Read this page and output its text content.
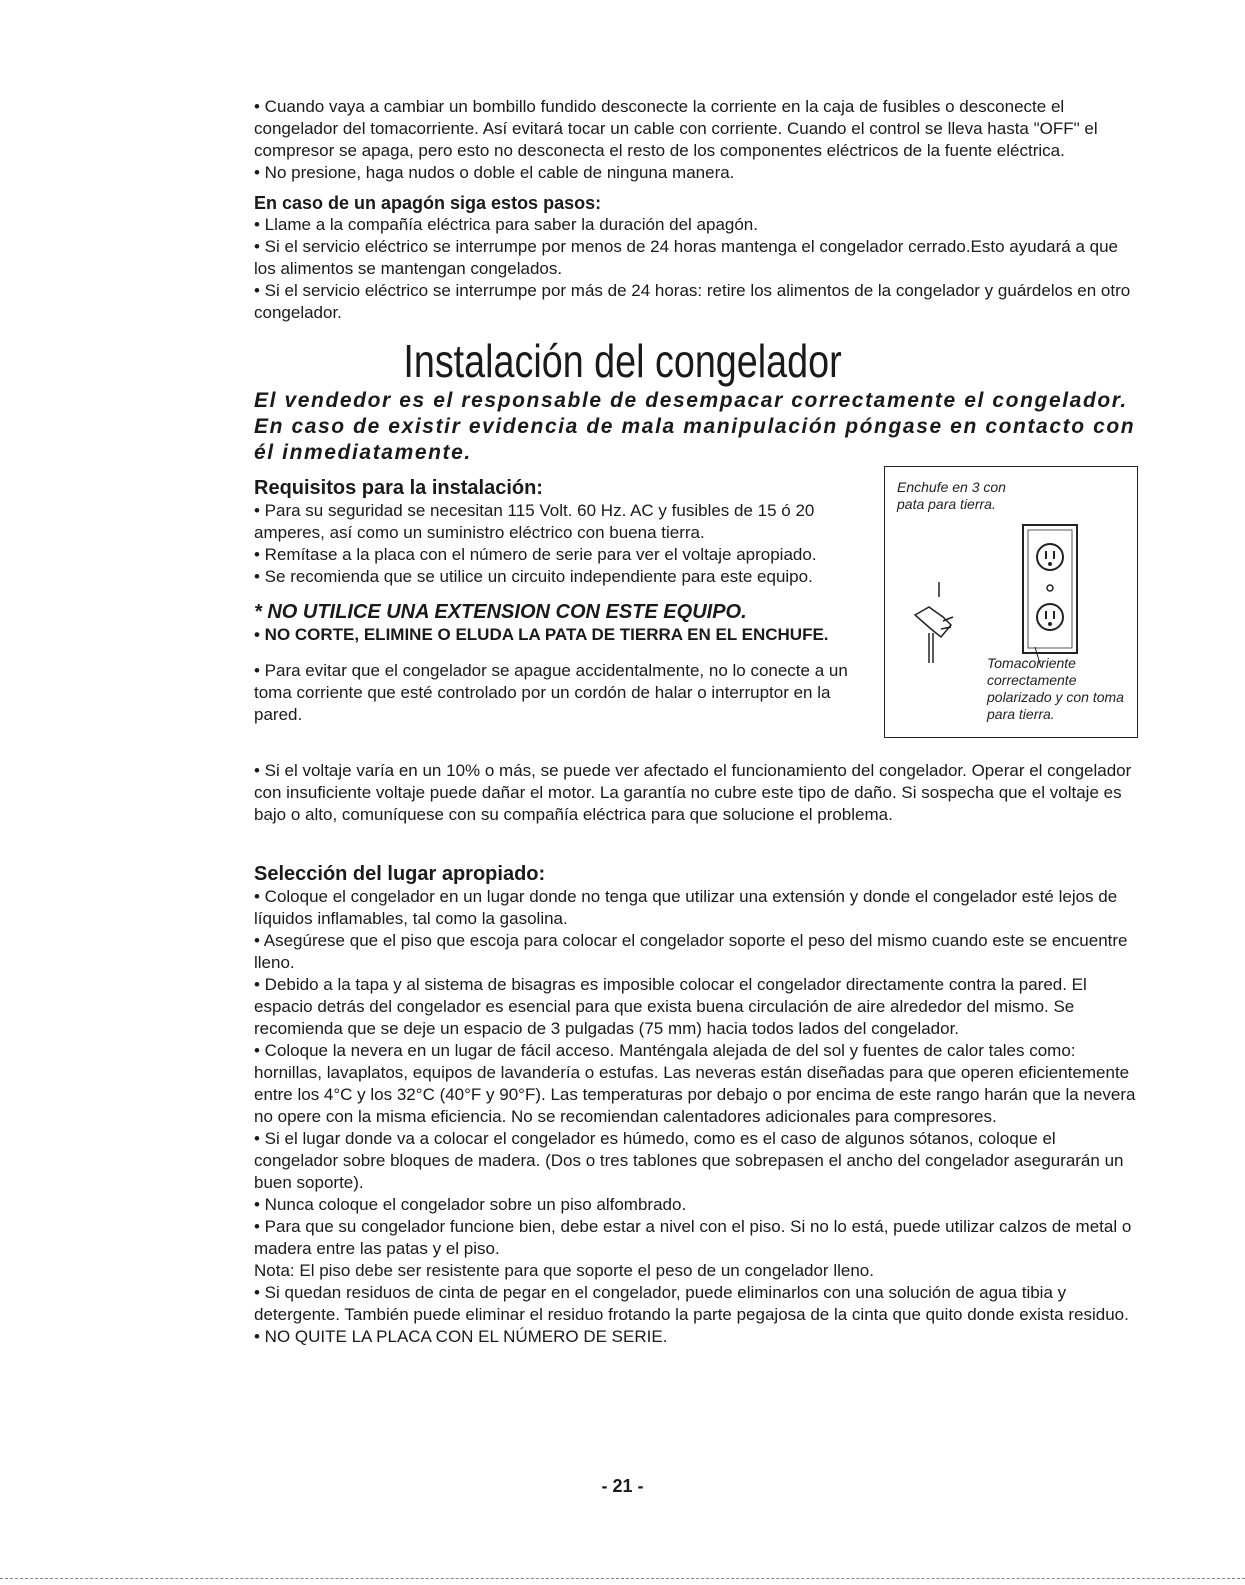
• Cuando vaya a cambiar un bombillo fundido desconecte la corriente en la caja de fusibles o desconecte el congelador del tomacorriente. Así evitará tocar un cable con corriente. Cuando el control se lleva hasta "OFF" el compresor se apaga, pero esto no desconecta el resto de los componentes eléctricos de la fuente eléctrica.

• No presione, haga nudos o doble el cable de ninguna manera.

En caso de un apagón siga estos pasos:

• Llame a la compañía eléctrica para saber la duración del apagón.

• Si el servicio eléctrico se interrumpe por menos de 24 horas mantenga el congelador cerrado.Esto ayudará a que los alimentos se mantengan congelados.

• Si el servicio eléctrico se interrumpe por más de 24 horas: retire los alimentos de la congelador y guárdelos en otro congelador.

Instalación del congelador

El vendedor es el responsable de desempacar correctamente el congelador. En caso de existir evidencia de mala manipulación póngase en contacto con él inmediatamente.

Requisitos para la instalación:

• Para su seguridad se necesitan 115 Volt. 60 Hz. AC y fusibles de 15 ó 20 amperes, así como un suministro eléctrico con buena tierra.

• Remítase a la placa con el número de serie para ver el voltaje apropiado.

• Se recomienda que se utilice un circuito independiente para este equipo.

* NO UTILICE UNA EXTENSION CON ESTE EQUIPO.

• NO CORTE, ELIMINE O ELUDA LA PATA DE TIERRA EN EL ENCHUFE.

• Para evitar que el congelador se apague accidentalmente, no lo conecte a un toma corriente que esté controlado por un cordón de halar o interruptor en la pared.

• Si el voltaje varía en un 10% o más, se puede ver afectado el funcionamiento del congelador. Operar el congelador con insuficiente voltaje puede dañar el motor. La garantía no cubre este tipo de daño. Si sospecha que el voltaje es bajo o alto, comuníquese con su compañía eléctrica para que solucione el problema.

Enchufe en 3 con pata para tierra.
Tomacorriente correctamente polarizado y con toma para tierra.

Selección del lugar apropiado:

• Coloque el congelador en un lugar donde no tenga que utilizar una extensión y donde el congelador esté lejos de líquidos inflamables, tal como la gasolina.

• Asegúrese que el piso que escoja para colocar el congelador soporte el peso del mismo cuando este se encuentre lleno.

• Debido a la tapa y al sistema de bisagras es imposible colocar el congelador directamente contra la pared. El espacio detrás del congelador es esencial para que exista buena circulación de aire alrededor del mismo. Se recomienda que se deje un espacio de 3 pulgadas (75 mm) hacia todos lados del congelador.

• Coloque la nevera en un lugar de fácil acceso. Manténgala alejada de del sol y fuentes de calor tales como: hornillas, lavaplatos, equipos de lavandería o estufas. Las neveras están diseñadas para que operen eficientemente entre los 4°C y los 32°C (40°F y 90°F). Las temperaturas por debajo o por encima de este rango harán que la nevera no opere con la misma eficiencia. No se recomiendan calentadores adicionales para compresores.

• Si el lugar donde va a colocar el congelador es húmedo, como es el caso de algunos sótanos, coloque el congelador sobre bloques de madera. (Dos o tres tablones que sobrepasen el ancho del congelador asegurarán un buen soporte).

• Nunca coloque el congelador sobre un piso alfombrado.

• Para que su congelador funcione bien, debe estar a nivel con el piso. Si no lo está, puede utilizar calzos de metal o madera entre las patas y el piso.

Nota: El piso debe ser resistente para que soporte el peso de un congelador lleno.

• Si quedan residuos de cinta de pegar en el congelador, puede eliminarlos con una solución de agua tibia y detergente. También puede eliminar el residuo frotando la parte pegajosa de la cinta que quito donde exista residuo.

• NO QUITE LA PLACA CON EL NÚMERO DE SERIE.

- 21 -
